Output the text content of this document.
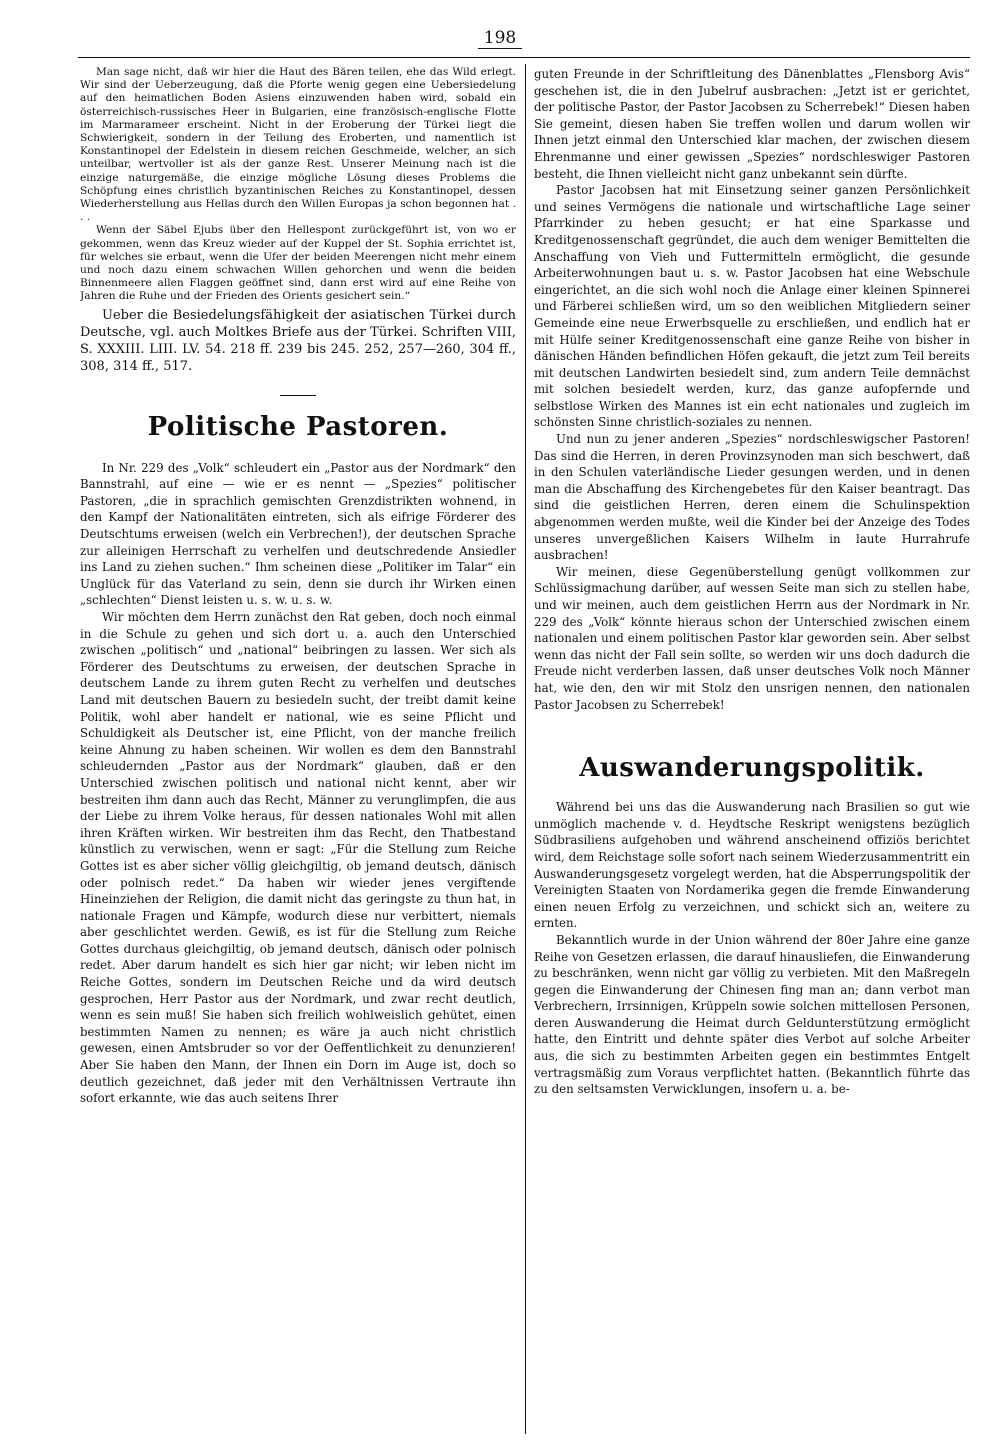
198

Man sage nicht, daß wir hier die Haut des Bären teilen, ehe das Wild erlegt. Wir sind der Ueberzeugung, daß die Pforte wenig gegen eine Uebersiedelung auf den heimatlichen Boden Asiens einzuwenden haben wird, sobald ein österreichisch-russisches Heer in Bulgarien, eine französisch-englische Flotte im Marmarameer erscheint. Nicht in der Eroberung der Türkei liegt die Schwierigkeit, sondern in der Teilung des Eroberten, und namentlich ist Konstantinopel der Edelstein in diesem reichen Geschmeide, welcher, an sich unteilbar, wertvoller ist als der ganze Rest. Unserer Meinung nach ist die einzige naturgemäße, die einzige mögliche Lösung dieses Problems die Schöpfung eines christlich byzantinischen Reiches zu Konstantinopel, dessen Wiederherstellung aus Hellas durch den Willen Europas ja schon begonnen hat . . .

Wenn der Säbel Ejubs über den Hellespont zurückgeführt ist, von wo er gekommen, wenn das Kreuz wieder auf der Kuppel der St. Sophia errichtet ist, für welches sie erbaut, wenn die Ufer der beiden Meerengen nicht mehr einem und noch dazu einem schwachen Willen gehorchen und wenn die beiden Binnenmeere allen Flaggen geöffnet sind, dann erst wird auf eine Reihe von Jahren die Ruhe und der Frieden des Orients gesichert sein.“

Ueber die Besiedelungsfähigkeit der asiatischen Türkei durch Deutsche, vgl. auch Moltkes Briefe aus der Türkei. Schriften VIII, S. XXXIII. LIII. LV. 54. 218 ff. 239 bis 245. 252, 257—260, 304 ff., 308, 314 ff., 517.

Politische Pastoren.

In Nr. 229 des „Volk“ schleudert ein „Pastor aus der Nordmark“ den Bannstrahl, auf eine — wie er es nennt — „Spezies“ politischer Pastoren, „die in sprachlich gemischten Grenzdistrikten wohnend, in den Kampf der Nationalitäten eintreten, sich als eifrige Förderer des Deutschtums erweisen (welch ein Verbrechen!), der deutschen Sprache zur alleinigen Herrschaft zu verhelfen und deutschredende Ansiedler ins Land zu ziehen suchen.“ Ihm scheinen diese „Politiker im Talar“ ein Unglück für das Vaterland zu sein, denn sie durch ihr Wirken einen „schlechten“ Dienst leisten u. s. w. u. s. w.

Wir möchten dem Herrn zunächst den Rat geben, doch noch einmal in die Schule zu gehen und sich dort u. a. auch den Unterschied zwischen „politisch“ und „national“ beibringen zu lassen. Wer sich als Förderer des Deutschtums zu erweisen, der deutschen Sprache in deutschem Lande zu ihrem guten Recht zu verhelfen und deutsches Land mit deutschen Bauern zu besiedeln sucht, der treibt damit keine Politik, wohl aber handelt er national, wie es seine Pflicht und Schuldigkeit als Deutscher ist, eine Pflicht, von der manche freilich keine Ahnung zu haben scheinen. Wir wollen es dem den Bannstrahl schleudernden „Pastor aus der Nordmark“ glauben, daß er den Unterschied zwischen politisch und national nicht kennt, aber wir bestreiten ihm dann auch das Recht, Männer zu verunglimpfen, die aus der Liebe zu ihrem Volke heraus, für dessen nationales Wohl mit allen ihren Kräften wirken. Wir bestreiten ihm das Recht, den Thatbestand künstlich zu verwischen, wenn er sagt: „Für die Stellung zum Reiche Gottes ist es aber sicher völlig gleichgiltig, ob jemand deutsch, dänisch oder polnisch redet.“ Da haben wir wieder jenes vergiftende Hineinziehen der Religion, die damit nicht das geringste zu thun hat, in nationale Fragen und Kämpfe, wodurch diese nur verbittert, niemals aber geschlichtet werden. Gewiß, es ist für die Stellung zum Reiche Gottes durchaus gleichgiltig, ob jemand deutsch, dänisch oder polnisch redet. Aber darum handelt es sich hier gar nicht; wir leben nicht im Reiche Gottes, sondern im Deutschen Reiche und da wird deutsch gesprochen, Herr Pastor aus der Nordmark, und zwar recht deutlich, wenn es sein muß! Sie haben sich freilich wohlweislich gehütet, einen bestimmten Namen zu nennen; es wäre ja auch nicht christlich gewesen, einen Amtsbruder so vor der Oeffentlichkeit zu denunzieren! Aber Sie haben den Mann, der Ihnen ein Dorn im Auge ist, doch so deutlich gezeichnet, daß jeder mit den Verhältnissen Vertraute ihn sofort erkannte, wie das auch seitens Ihrer

guten Freunde in der Schriftleitung des Dänenblattes „Flensborg Avis“ geschehen ist, die in den Jubelruf ausbrachen: „Jetzt ist er gerichtet, der politische Pastor, der Pastor Jacobsen zu Scherrebek!“ Diesen haben Sie gemeint, diesen haben Sie treffen wollen und darum wollen wir Ihnen jetzt einmal den Unterschied klar machen, der zwischen diesem Ehrenmanne und einer gewissen „Spezies“ nordschleswiger Pastoren besteht, die Ihnen vielleicht nicht ganz unbekannt sein dürfte.

Pastor Jacobsen hat mit Einsetzung seiner ganzen Persönlichkeit und seines Vermögens die nationale und wirtschaftliche Lage seiner Pfarrkinder zu heben gesucht; er hat eine Sparkasse und Kreditgenossenschaft gegründet, die auch dem weniger Bemittelten die Anschaffung von Vieh und Futtermitteln ermöglicht, die gesunde Arbeiterwohnungen baut u. s. w. Pastor Jacobsen hat eine Webschule eingerichtet, an die sich wohl noch die Anlage einer kleinen Spinnerei und Färberei schließen wird, um so den weiblichen Mitgliedern seiner Gemeinde eine neue Erwerbsquelle zu erschließen, und endlich hat er mit Hülfe seiner Kreditgenossenschaft eine ganze Reihe von bisher in dänischen Händen befindlichen Höfen gekauft, die jetzt zum Teil bereits mit deutschen Landwirten besiedelt sind, zum andern Teile demnächst mit solchen besiedelt werden, kurz, das ganze aufopfernde und selbstlose Wirken des Mannes ist ein echt nationales und zugleich im schönsten Sinne christlich-soziales zu nennen.

Und nun zu jener anderen „Spezies“ nordschleswigscher Pastoren! Das sind die Herren, in deren Provinzsynoden man sich beschwert, daß in den Schulen vaterländische Lieder gesungen werden, und in denen man die Abschaffung des Kirchengebetes für den Kaiser beantragt. Das sind die geistlichen Herren, deren einem die Schulinspektion abgenommen werden mußte, weil die Kinder bei der Anzeige des Todes unseres unvergeßlichen Kaisers Wilhelm in laute Hurrahrufe ausbrachen!

Wir meinen, diese Gegenüberstellung genügt vollkommen zur Schlüssigmachung darüber, auf wessen Seite man sich zu stellen habe, und wir meinen, auch dem geistlichen Herrn aus der Nordmark in Nr. 229 des „Volk“ könnte hieraus schon der Unterschied zwischen einem nationalen und einem politischen Pastor klar geworden sein. Aber selbst wenn das nicht der Fall sein sollte, so werden wir uns doch dadurch die Freude nicht verderben lassen, daß unser deutsches Volk noch Männer hat, wie den, den wir mit Stolz den unsrigen nennen, den nationalen Pastor Jacobsen zu Scherrebek!

Auswanderungspolitik.

Während bei uns das die Auswanderung nach Brasilien so gut wie unmöglich machende v. d. Heydtsche Reskript wenigstens bezüglich Südbrasiliens aufgehoben und während anscheinend offiziös berichtet wird, dem Reichstage solle sofort nach seinem Wiederzusammentritt ein Auswanderungsgesetz vorgelegt werden, hat die Absperrungspolitik der Vereinigten Staaten von Nordamerika gegen die fremde Einwanderung einen neuen Erfolg zu verzeichnen, und schickt sich an, weitere zu ernten.

Bekanntlich wurde in der Union während der 80er Jahre eine ganze Reihe von Gesetzen erlassen, die darauf hinausliefen, die Einwanderung zu beschränken, wenn nicht gar völlig zu verbieten. Mit den Maßregeln gegen die Einwanderung der Chinesen fing man an; dann verbot man Verbrechern, Irrsinnigen, Krüppeln sowie solchen mittellosen Personen, deren Auswanderung die Heimat durch Geldunterstützung ermöglicht hatte, den Eintritt und dehnte später dies Verbot auf solche Arbeiter aus, die sich zu bestimmten Arbeiten gegen ein bestimmtes Entgelt vertragsmäßig zum Voraus verpflichtet hatten. (Bekanntlich führte das zu den seltsamsten Verwicklungen, insofern u. a. be-
